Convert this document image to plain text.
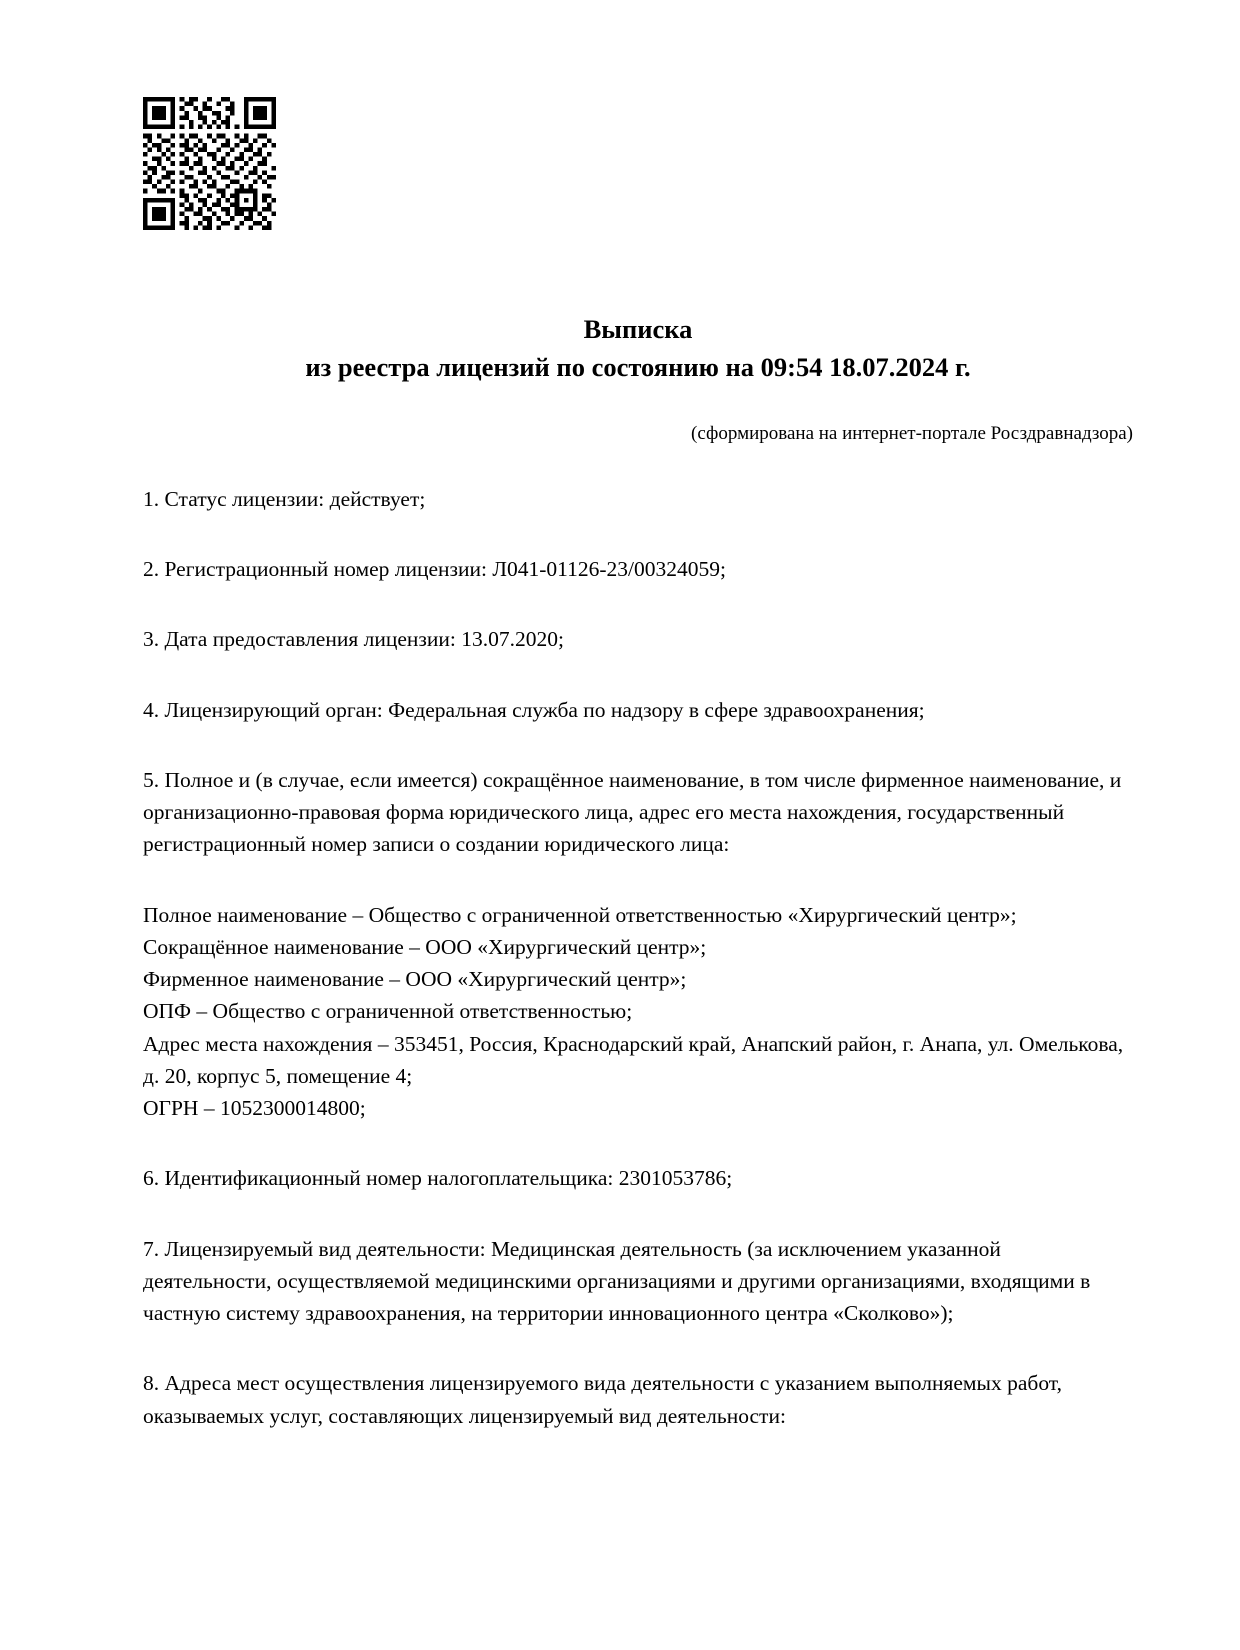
Выписка
из реестра лицензий по состоянию на 09:54 18.07.2024 г.

(сформирована на интернет-портале Росздравнадзора)

1. Статус лицензии: действует;

2. Регистрационный номер лицензии: Л041-01126-23/00324059;

3. Дата предоставления лицензии: 13.07.2020;

4. Лицензирующий орган: Федеральная служба по надзору в сфере здравоохранения;

5. Полное и (в случае, если имеется) сокращённое наименование, в том числе фирменное наименование, и организационно-правовая форма юридического лица, адрес его места нахождения, государственный регистрационный номер записи о создании юридического лица:

Полное наименование – Общество с ограниченной ответственностью «Хирургический центр»;

Сокращённое наименование – ООО «Хирургический центр»;

Фирменное наименование – ООО «Хирургический центр»;

ОПФ – Общество с ограниченной ответственностью;

Адрес места нахождения – 353451, Россия, Краснодарский край, Анапский район, г. Анапа, ул. Омелькова, д. 20, корпус 5, помещение 4;

ОГРН – 1052300014800;

6. Идентификационный номер налогоплательщика: 2301053786;

7. Лицензируемый вид деятельности: Медицинская деятельность (за исключением указанной деятельности, осуществляемой медицинскими организациями и другими организациями, входящими в частную систему здравоохранения, на территории инновационного центра «Сколково»);

8. Адреса мест осуществления лицензируемого вида деятельности с указанием выполняемых работ, оказываемых услуг, составляющих лицензируемый вид деятельности:
